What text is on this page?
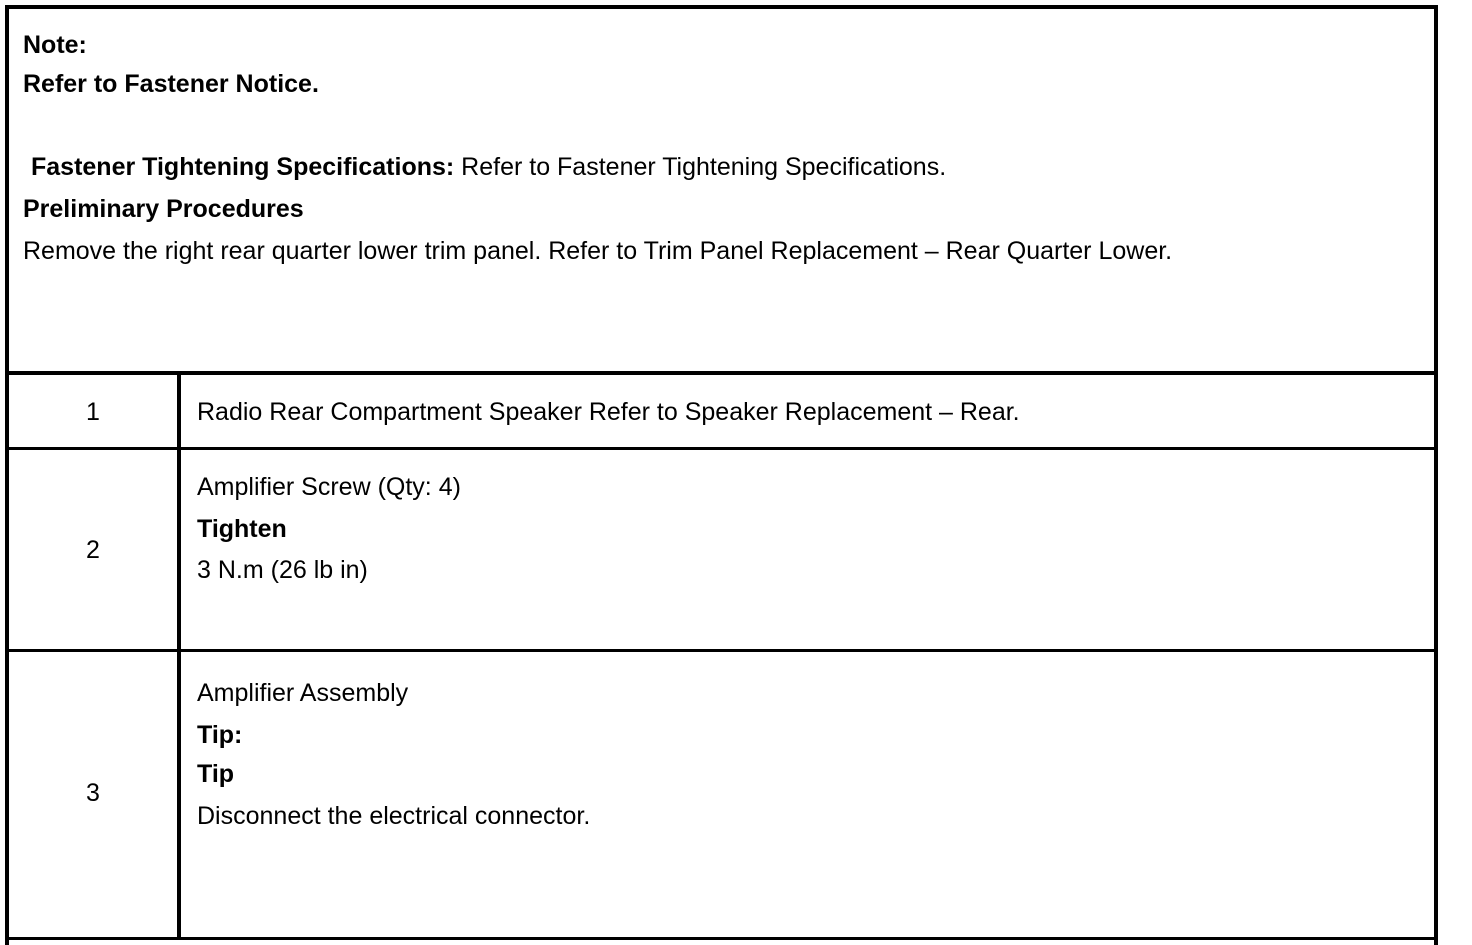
Note:
Refer to Fastener Notice.
Fastener Tightening Specifications: Refer to Fastener Tightening Specifications.
Preliminary Procedures
Remove the right rear quarter lower trim panel. Refer to Trim Panel Replacement – Rear Quarter Lower.
1	Radio Rear Compartment Speaker Refer to Speaker Replacement – Rear.
2
Amplifier Screw (Qty: 4)
Tighten
3 N.m (26 lb in)
3
Amplifier Assembly
Tip:
Tip
Disconnect the electrical connector.
